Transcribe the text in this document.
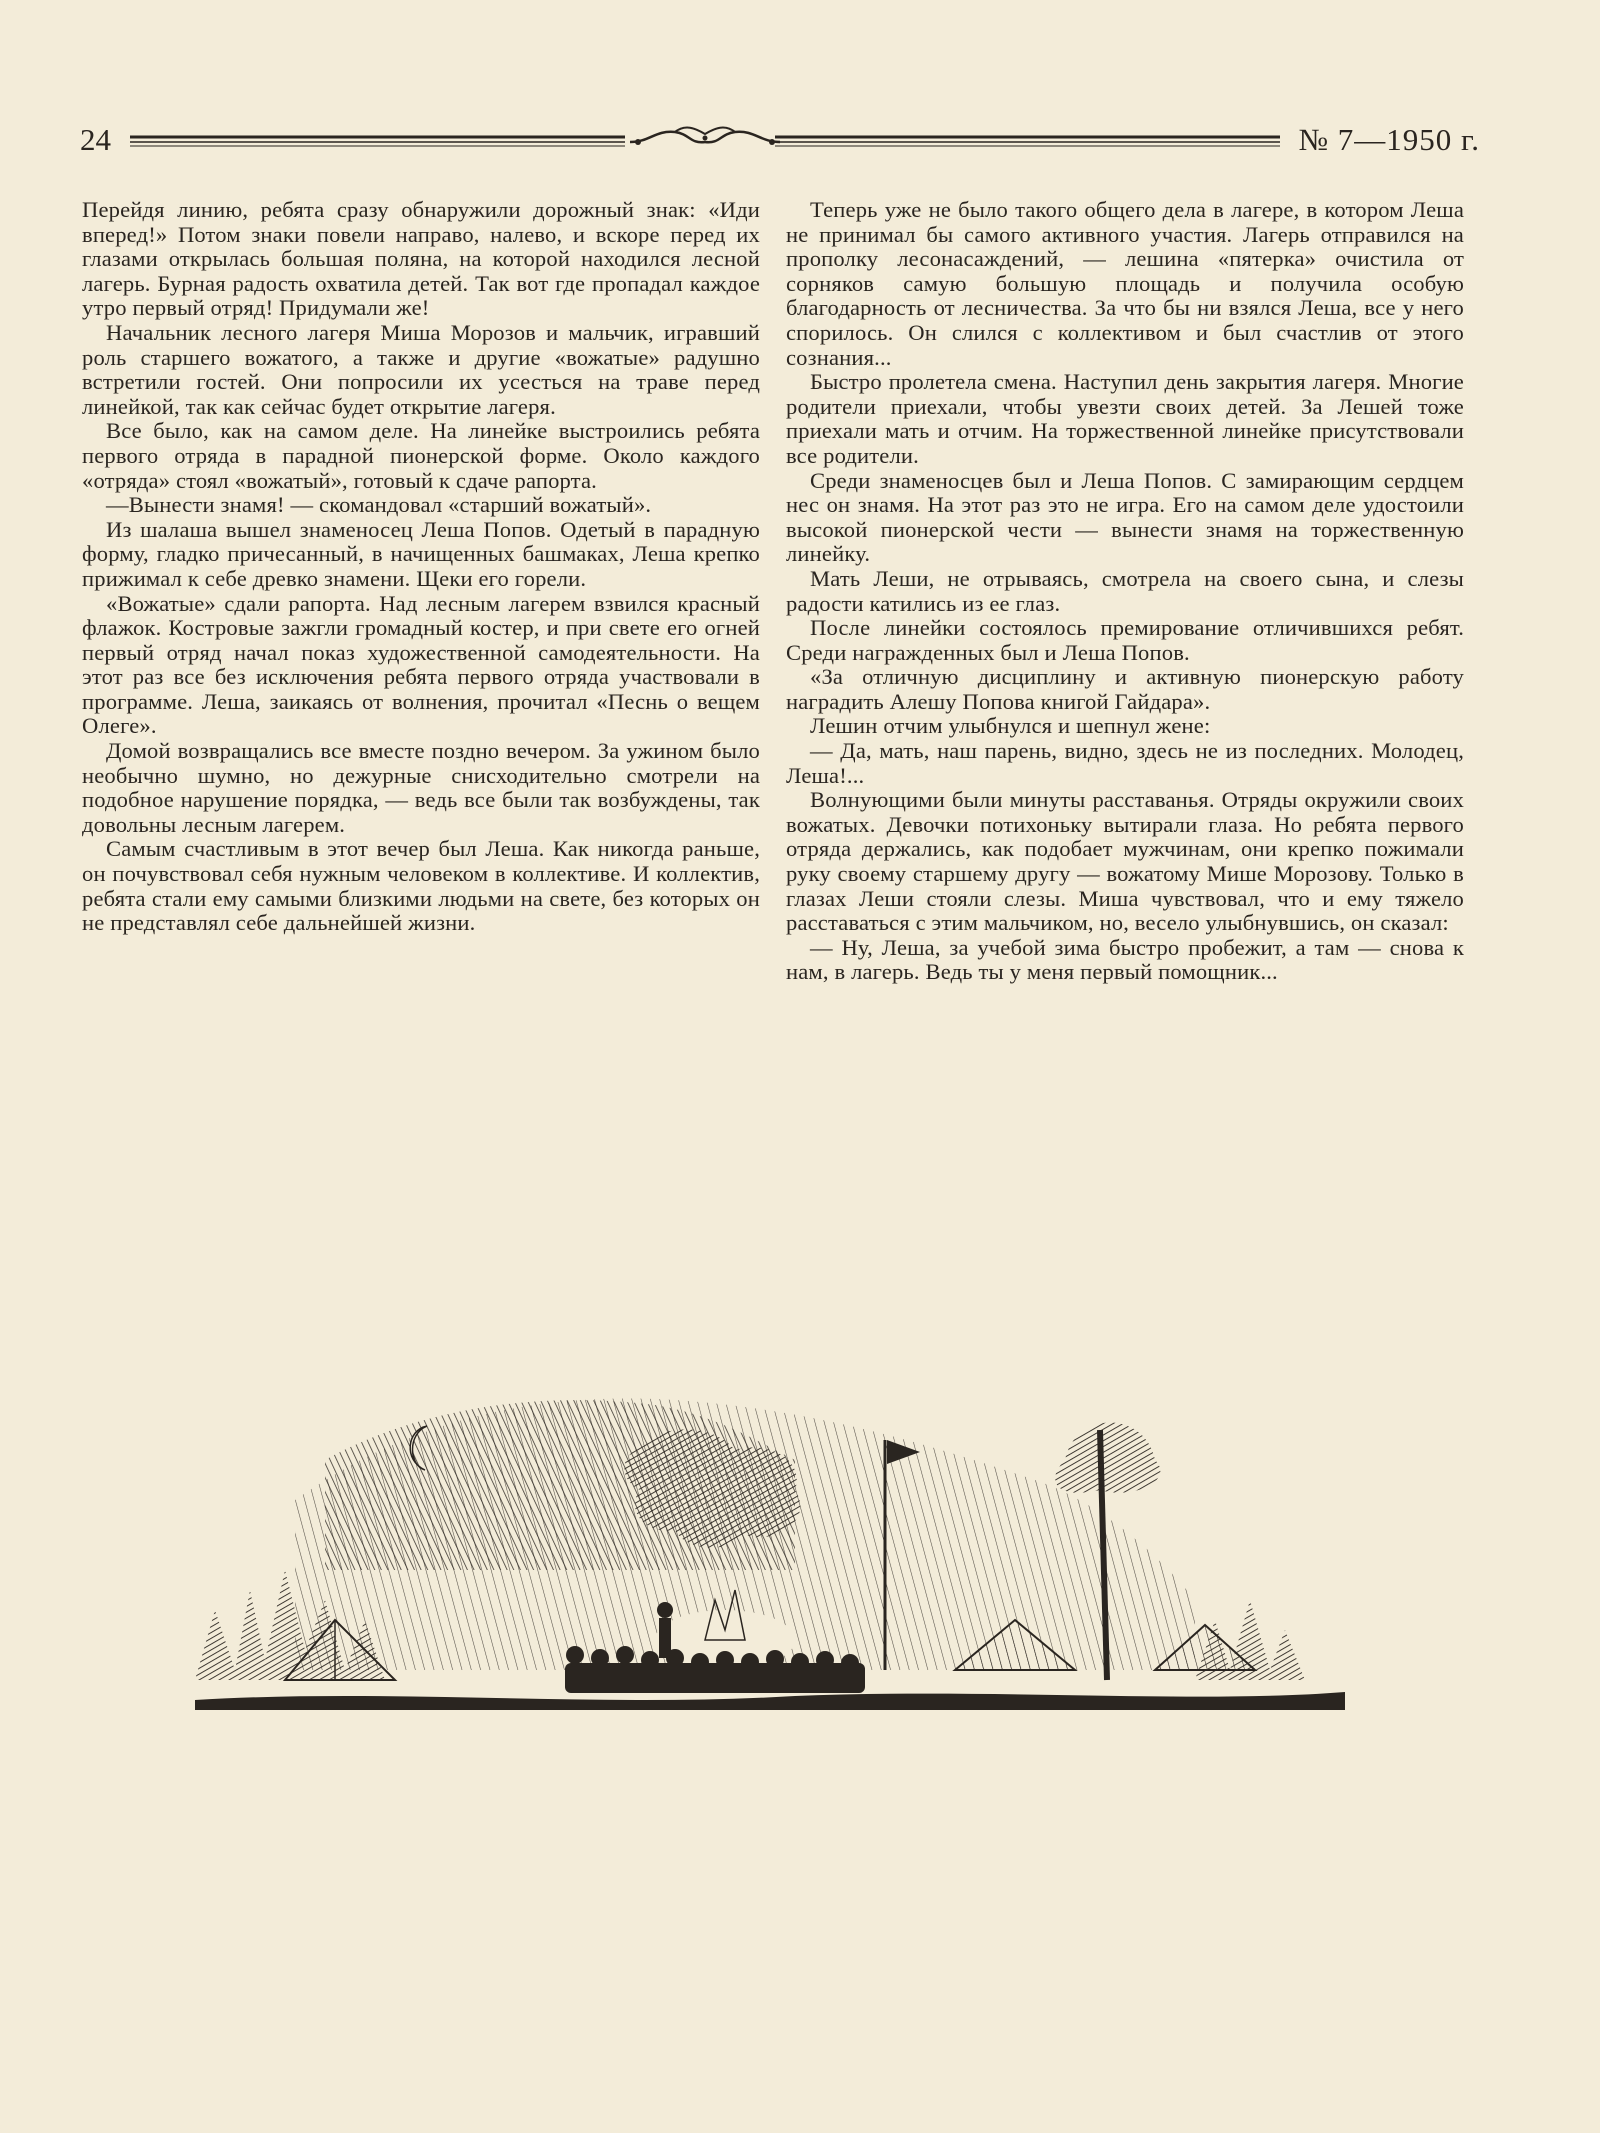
24	№ 7—1950 г.

Перейдя линию, ребята сразу обнаружили дорожный знак: «Иди вперед!» Потом знаки повели направо, налево, и вскоре перед их глазами открылась большая поляна, на которой находился лесной лагерь. Бурная радость охватила детей. Так вот где пропадал каждое утро первый отряд! Придумали же!

Начальник лесного лагеря Миша Морозов и мальчик, игравший роль старшего вожатого, а также и другие «вожатые» радушно встретили гостей. Они попросили их усесться на траве перед линейкой, так как сейчас будет открытие лагеря.

Все было, как на самом деле. На линейке выстроились ребята первого отряда в парадной пионерской форме. Около каждого «отряда» стоял «вожатый», готовый к сдаче рапорта.

—Вынести знамя! — скомандовал «старший вожатый».

Из шалаша вышел знаменосец Леша Попов. Одетый в парадную форму, гладко причесанный, в начищенных башмаках, Леша крепко прижимал к себе древко знамени. Щеки его горели.

«Вожатые» сдали рапорта. Над лесным лагерем взвился красный флажок. Костровые зажгли громадный костер, и при свете его огней первый отряд начал показ художественной самодеятельности. На этот раз все без исключения ребята первого отряда участвовали в программе. Леша, заикаясь от волнения, прочитал «Песнь о вещем Олеге».

Домой возвращались все вместе поздно вечером. За ужином было необычно шумно, но дежурные снисходительно смотрели на подобное нарушение порядка, — ведь все были так возбуждены, так довольны лесным лагерем.

Самым счастливым в этот вечер был Леша. Как никогда раньше, он почувствовал себя нужным человеком в коллективе. И коллектив, ребята стали ему самыми близкими людьми на свете, без которых он не представлял себе дальнейшей жизни.

Теперь уже не было такого общего дела в лагере, в котором Леша не принимал бы самого активного участия. Лагерь отправился на прополку лесонасаждений, — лешина «пятерка» очистила от сорняков самую большую площадь и получила особую благодарность от лесничества. За что бы ни взялся Леша, все у него спорилось. Он слился с коллективом и был счастлив от этого сознания...

Быстро пролетела смена. Наступил день закрытия лагеря. Многие родители приехали, чтобы увезти своих детей. За Лешей тоже приехали мать и отчим. На торжественной линейке присутствовали все родители.

Среди знаменосцев был и Леша Попов. С замирающим сердцем нес он знамя. На этот раз это не игра. Его на самом деле удостоили высокой пионерской чести — вынести знамя на торжественную линейку.

Мать Леши, не отрываясь, смотрела на своего сына, и слезы радости катились из ее глаз.

После линейки состоялось премирование отличившихся ребят. Среди награжденных был и Леша Попов.

«За отличную дисциплину и активную пионерскую работу наградить Алешу Попова книгой Гайдара».

Лешин отчим улыбнулся и шепнул жене:

— Да, мать, наш парень, видно, здесь не из последних. Молодец, Леша!...

Волнующими были минуты расставанья. Отряды окружили своих вожатых. Девочки потихоньку вытирали глаза. Но ребята первого отряда держались, как подобает мужчинам, они крепко пожимали руку своему старшему другу — вожатому Мише Морозову. Только в глазах Леши стояли слезы. Миша чувствовал, что и ему тяжело расставаться с этим мальчиком, но, весело улыбнувшись, он сказал:

— Ну, Леша, за учебой зима быстро пробежит, а там — снова к нам, в лагерь. Ведь ты у меня первый помощник...
